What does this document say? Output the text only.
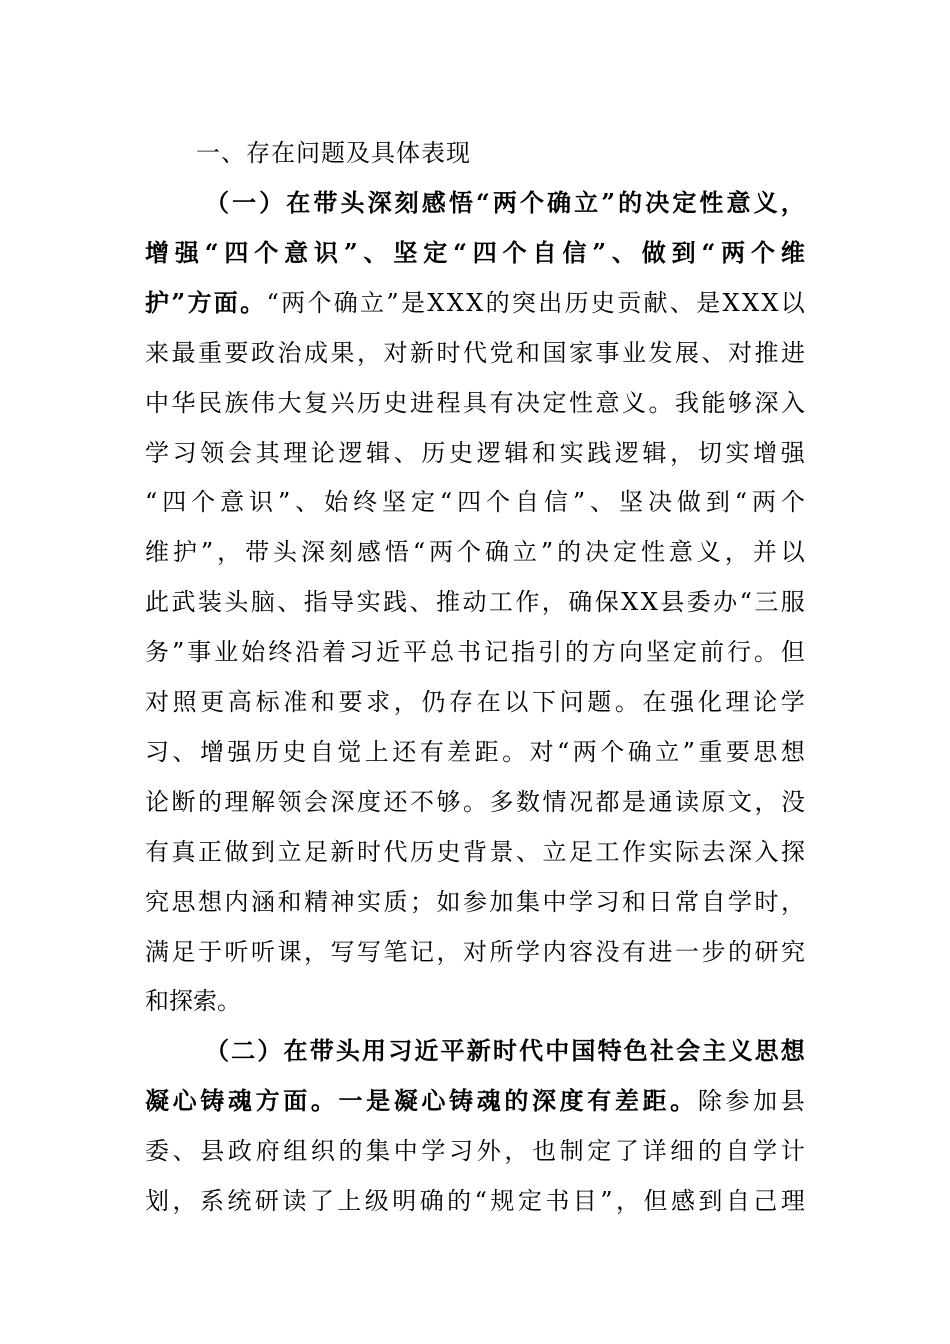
一、存在问题及具体表现
（ 一 ） 在 带 头 深 刻 感 悟 “ 两 个 确 立 ” 的 决 定 性 意 义 ，
增 强 “ 四 个 意 识 ” 、 坚 定 “ 四 个 自 信 ” 、 做 到 “ 两 个 维
护 ” 方 面 。 “ 两 个 确 立 ” 是 X X X 的 突 出 历 史 贡 献 、 是 X X X 以
来 最 重 要 政 治 成 果 ， 对 新 时 代 党 和 国 家 事 业 发 展 、 对 推 进
中 华 民 族 伟 大 复 兴 历 史 进 程 具 有 决 定 性 意 义 。 我 能 够 深 入
学 习 领 会 其 理 论 逻 辑 、 历 史 逻 辑 和 实 践 逻 辑 ， 切 实 增 强
“ 四 个 意 识 ” 、 始 终 坚 定 “ 四 个 自 信 ” 、 坚 决 做 到 “ 两 个
维 护 ” ， 带 头 深 刻 感 悟 “ 两 个 确 立 ” 的 决 定 性 意 义 ， 并 以
此 武 装 头 脑 、 指 导 实 践 、 推 动 工 作 ， 确 保 X X 县 委 办 “ 三 服
务 ” 事 业 始 终 沿 着 习 近 平 总 书 记 指 引 的 方 向 坚 定 前 行 。 但
对 照 更 高 标 准 和 要 求 ， 仍 存 在 以 下 问 题 。 在 强 化 理 论 学
习 、 增 强 历 史 自 觉 上 还 有 差 距 。 对 “ 两 个 确 立 ” 重 要 思 想
论 断 的 理 解 领 会 深 度 还 不 够 。 多 数 情 况 都 是 通 读 原 文 ， 没
有 真 正 做 到 立 足 新 时 代 历 史 背 景 、 立 足 工 作 实 际 去 深 入 探
究 思 想 内 涵 和 精 神 实 质 ； 如 参 加 集 中 学 习 和 日 常 自 学 时 ，
满 足 于 听 听 课 ， 写 写 笔 记 ， 对 所 学 内 容 没 有 进 一 步 的 研 究
和 探 索 。
（ 二 ） 在 带 头 用 习 近 平 新 时 代 中 国 特 色 社 会 主 义 思 想
凝 心 铸 魂 方 面 。 一 是 凝 心 铸 魂 的 深 度 有 差 距 。 除 参 加 县
委 、 县 政 府 组 织 的 集 中 学 习 外 ， 也 制 定 了 详 细 的 自 学 计
划 ， 系 统 研 读 了 上 级 明 确 的 “ 规 定 书 目 ” ， 但 感 到 自 己 理
